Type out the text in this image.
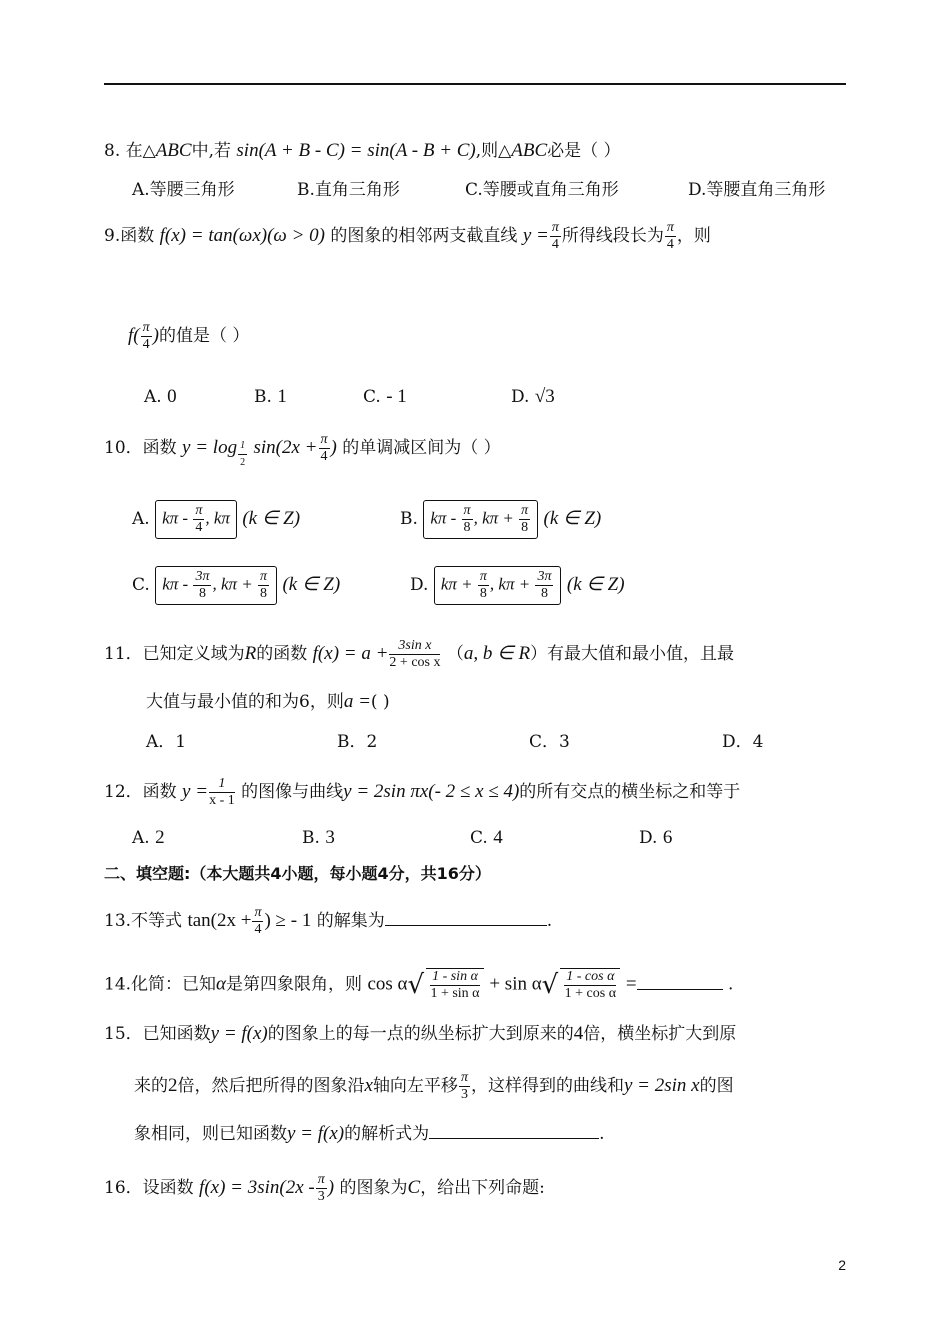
8. 在△ABC中,若 sin(A + B - C) = sin(A - B + C),则△ABC必是（ ）
A.等腰三角形	B.直角三角形	C.等腰或直角三角形	D.等腰直角三角形
9.函数 f(x) = tan(ωx)(ω > 0) 的图象的相邻两支截直线 $y = \frac{\pi}{4}$ 所得线段长为 $\frac{\pi}{4}$ ，则
$f( \frac{\pi}{4}$ )的值是（ ）
A. 0	B. 1	C. - 1	D. √3
10．函数 $y = \log \frac{1}{2} \sin(2x + \frac{\pi}{4}$ ) 的单调减区间为（ ）
A. kπ - $\frac{\pi}{4}$ , kπ (k ∈ Z)	B. kπ - $\frac{\pi}{8}$ , $k\pi + \frac{\pi}{8} (k$ ∈ Z)
C. kπ - $\frac{3\pi}{8}$ , $k\pi + \frac{\pi}{8} (k$ ∈ Z)	D. $k\pi + \frac{\pi}{8}$ , $k\pi + \frac{3\pi}{8} (k$ ∈ Z)
11．已知定义域为R的函数 $f(x) = a + \frac{\text{3sin x}}{\text{2 + cos x}} (a$, b ∈ R）有最大值和最小值，且最
大值与最小值的和为6，则a =( )
A．1	B．2	C．3	D．4
12．函数 $y = \frac{1}{x - 1}$ 的图像与曲线y = 2sin πx(- 2 ≤ x ≤ 4)的所有交点的横坐标之和等于
A. 2	B. 3	C. 4	D. 6
二、填空题:（本大题共4小题，每小题4分，共16分）
13.不等式 $\tan(2x + \frac{\pi}{4}$ ) ≥ - 1 的解集为	.
14.化简：已知α是第四象限角，则 $\cos \alpha√ \frac{\text{1 - sin α}}{\text{1 + sin α}} + \sin \alpha√ \frac{\text{1 - cos α}}{\text{1 + cos α}}$ =	.
15．已知函数y = f(x)的图象上的每一点的纵坐标扩大到原来的4倍，横坐标扩大到原
来的2倍，然后把所得的图象沿x轴向左平移 $\frac{\pi}{3}$ ，这样得到的曲线和y = 2sin x的图
象相同，则已知函数y = f(x)的解析式为	.
16．设函数 $f(x) = 3\sin(2x - \frac{\pi}{3}$ ) 的图象为C，给出下列命题:
2
